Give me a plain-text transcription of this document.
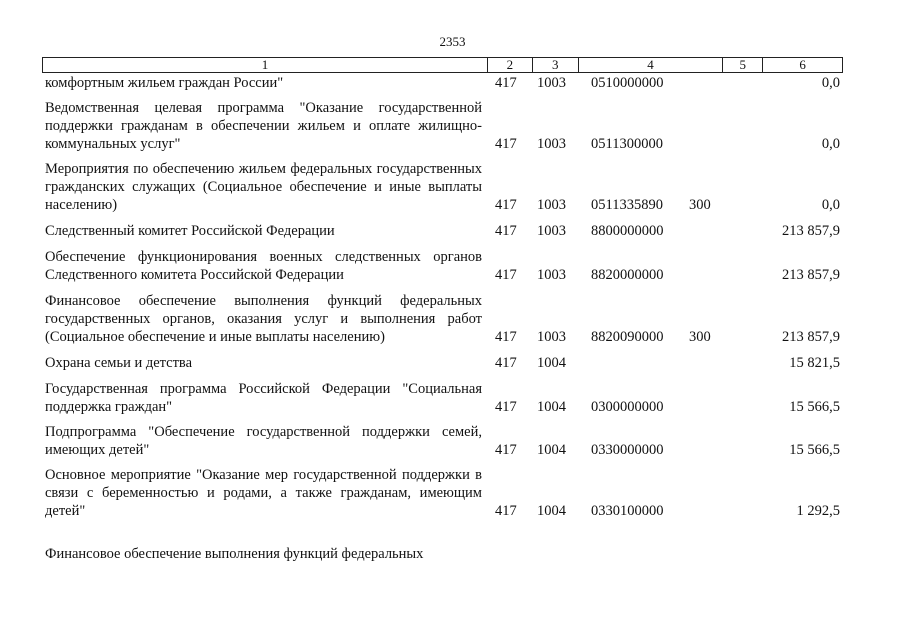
2353
1	2	3	4	5	6
комфортным жильем граждан России"	417 1003 0510000000	0,0
Ведомственная целевая программа "Оказание государственной поддержки гражданам в обеспечении жильем и оплате жилищно-коммунальных услуг"	417 1003 0511300000	0,0
Мероприятия по обеспечению жильем федеральных государственных гражданских служащих (Социальное обеспечение и иные выплаты населению)	417 1003 0511335890 300	0,0
Следственный комитет Российской Федерации	417 1003 8800000000	213 857,9
Обеспечение функционирования военных следственных органов Следственного комитета Российской Федерации	417 1003 8820000000	213 857,9
Финансовое обеспечение выполнения функций федеральных государственных органов, оказания услуг и выполнения работ (Социальное обеспечение и иные выплаты населению)	417 1003 8820090000 300	213 857,9
Охрана семьи и детства	417 1004	15 821,5
Государственная программа Российской Федерации "Социальная поддержка граждан"	417 1004 0300000000	15 566,5
Подпрограмма "Обеспечение государственной поддержки семей, имеющих детей"	417 1004 0330000000	15 566,5
Основное мероприятие "Оказание мер государственной поддержки в связи с беременностью и родами, а также гражданам, имеющим детей"	417 1004 0330100000	1 292,5
Финансовое обеспечение выполнения функций федеральных
